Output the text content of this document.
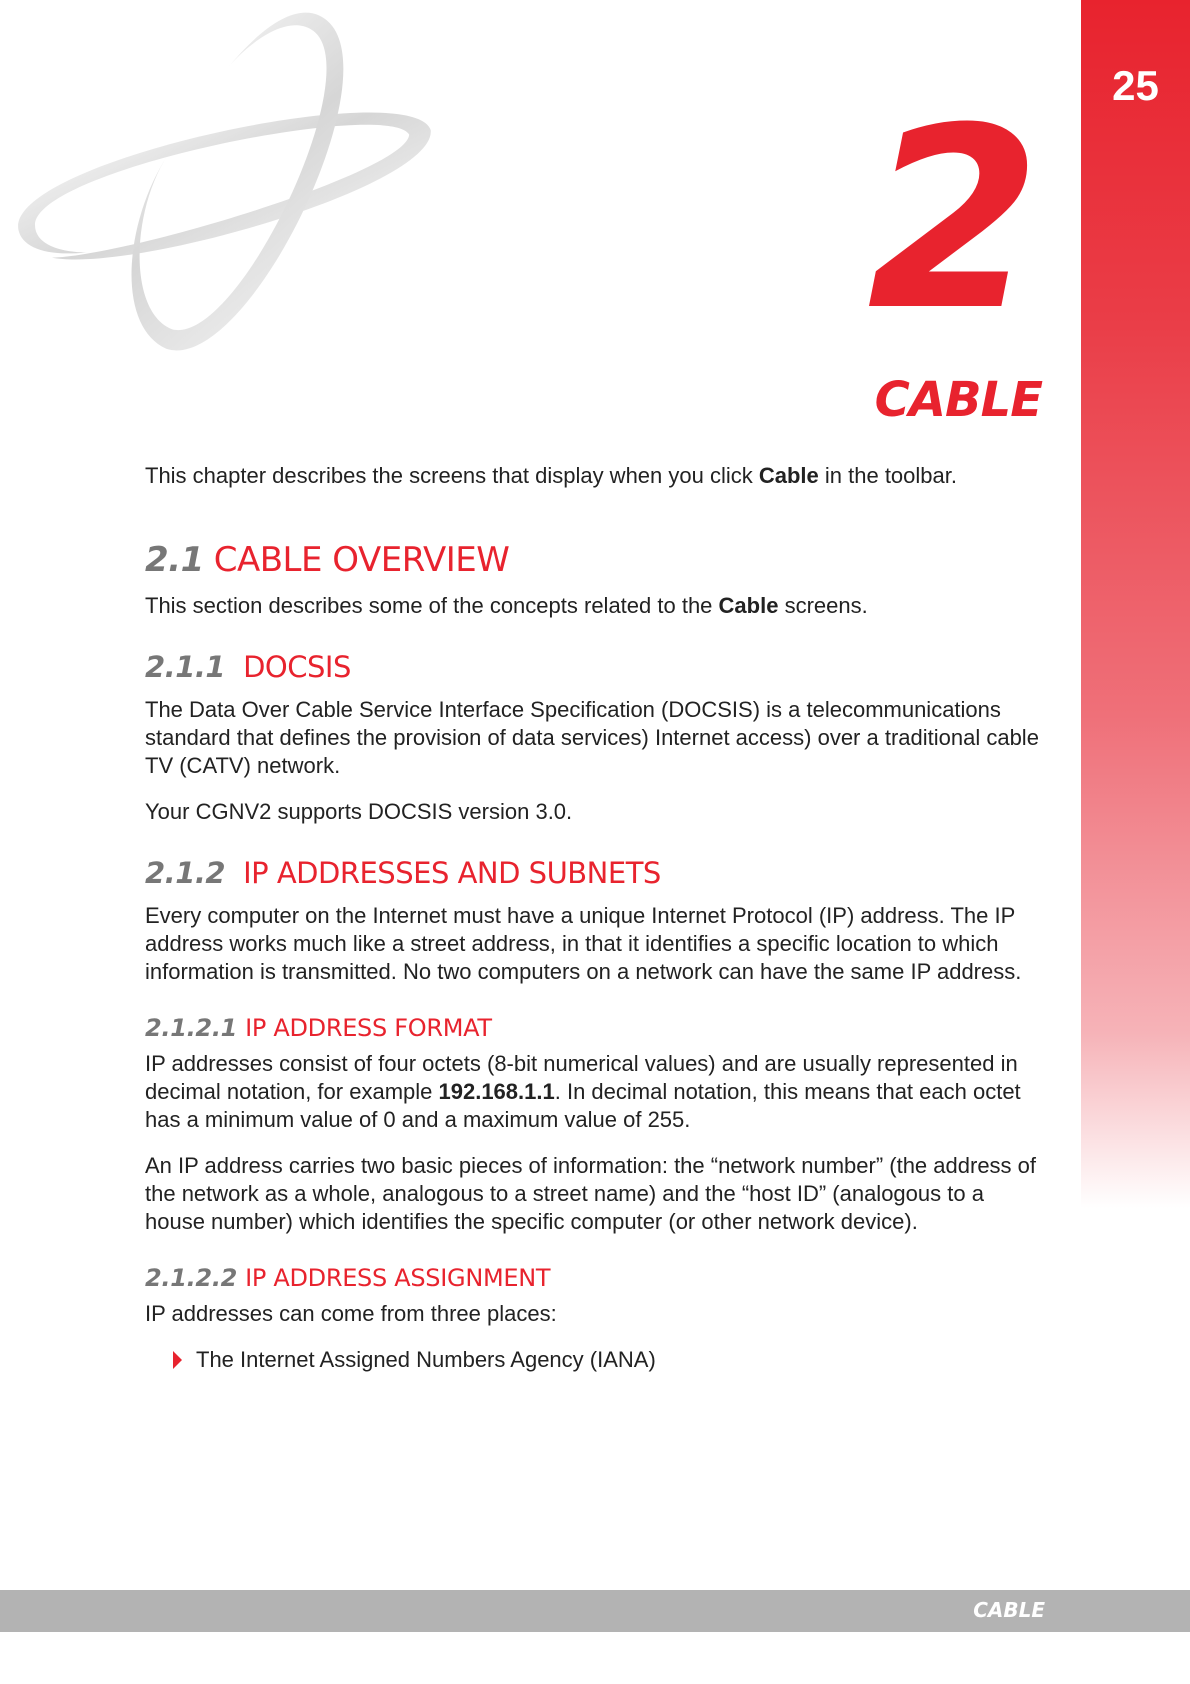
25
2
CABLE

This chapter describes the screens that display when you click Cable in the toolbar.

2.1 CABLE OVERVIEW

This section describes some of the concepts related to the Cable screens.

2.1.1 DOCSIS

The Data Over Cable Service Interface Specification (DOCSIS) is a telecommunications standard that defines the provision of data services) Internet access) over a traditional cable TV (CATV) network.

Your CGNV2 supports DOCSIS version 3.0.

2.1.2 IP ADDRESSES AND SUBNETS

Every computer on the Internet must have a unique Internet Protocol (IP) address. The IP address works much like a street address, in that it identifies a specific location to which information is transmitted. No two computers on a network can have the same IP address.

2.1.2.1 IP ADDRESS FORMAT

IP addresses consist of four octets (8-bit numerical values) and are usually represented in decimal notation, for example 192.168.1.1. In decimal notation, this means that each octet has a minimum value of 0 and a maximum value of 255.

An IP address carries two basic pieces of information: the “network number” (the address of the network as a whole, analogous to a street name) and the “host ID” (analogous to a house number) which identifies the specific computer (or other network device).

2.1.2.2 IP ADDRESS ASSIGNMENT

IP addresses can come from three places:

The Internet Assigned Numbers Agency (IANA)
CABLE
